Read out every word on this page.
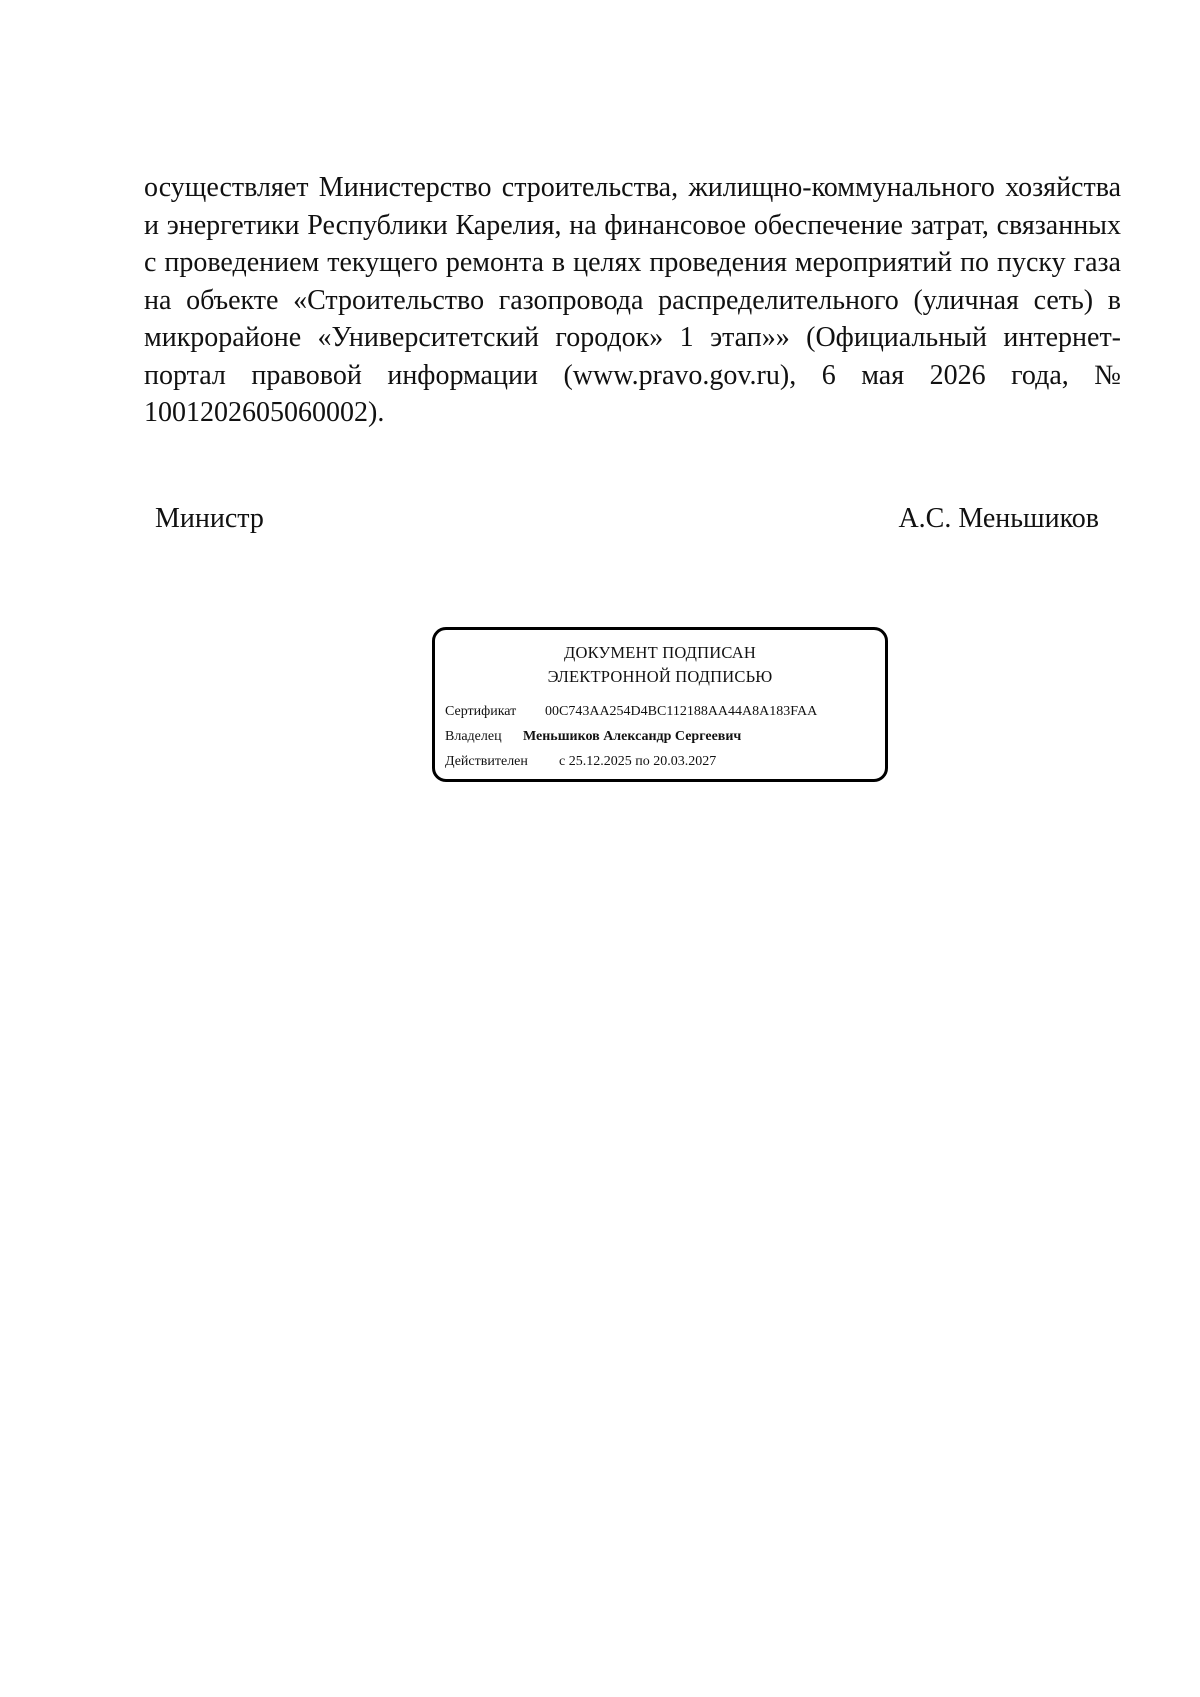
осуществляет Министерство строительства, жилищно-коммунального хозяйства
и энергетики Республики Карелия, на финансовое обеспечение затрат, связанных
с проведением текущего ремонта в целях проведения мероприятий по пуску газа
на объекте «Строительство газопровода распределительного (уличная сеть) в
микрорайоне «Университетский городок» 1 этап»» (Официальный интернет-
портал правовой информации (www.pravo.gov.ru), 6 мая 2026 года, №
1001202605060002).
Министр	А.С. Меньшиков
ДОКУМЕНТ ПОДПИСАН
ЭЛЕКТРОННОЙ ПОДПИСЬЮ
Сертификат 00C743AA254D4BC112188AA44A8A183FAA
Владелец Меньшиков Александр Сергеевич
Действителен с 25.12.2025 по 20.03.2027
